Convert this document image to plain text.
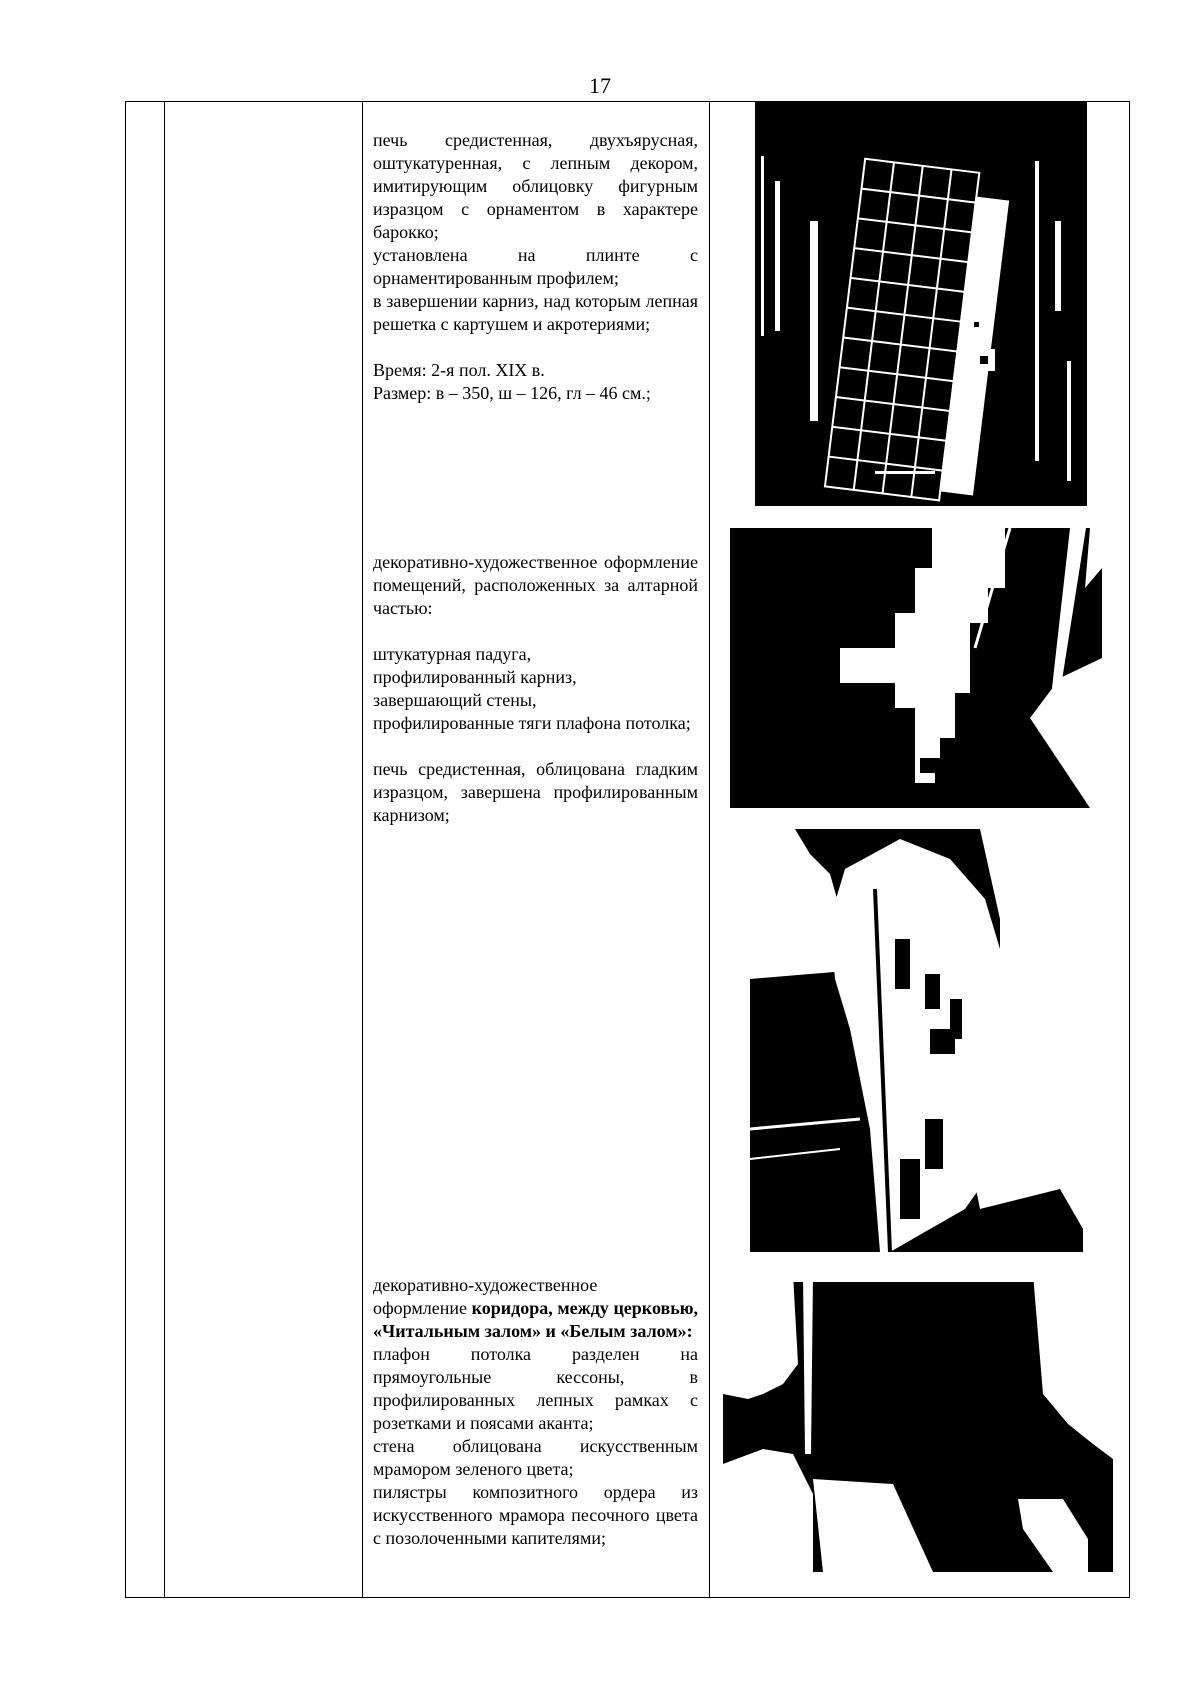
17

печь средистенная, двухъярусная, оштукатуренная, с лепным декором, имитирующим облицовку фигурным изразцом с орнаментом в характере барокко;

установлена на плинте с орнаментированным профилем;

в завершении карниз, над которым лепная решетка с картушем и акротериями;

Время: 2-я пол. XIX в.

Размер: в – 350, ш – 126, гл – 46 см.;

декоративно-художественное оформление помещений, расположенных за алтарной частью:

штукатурная падуга,

профилированный карниз,

завершающий стены,

профилированные тяги плафона потолка;

печь средистенная, облицована гладким изразцом, завершена профилированным карнизом;

декоративно-художественное

оформление коридора, между церковью, «Читальным залом» и «Белым залом»:

плафон потолка разделен на прямоугольные кессоны, в профилированных лепных рамках с розетками и поясами аканта;

стена облицована искусственным мрамором зеленого цвета;

пилястры композитного ордера из искусственного мрамора песочного цвета с позолоченными капителями;
